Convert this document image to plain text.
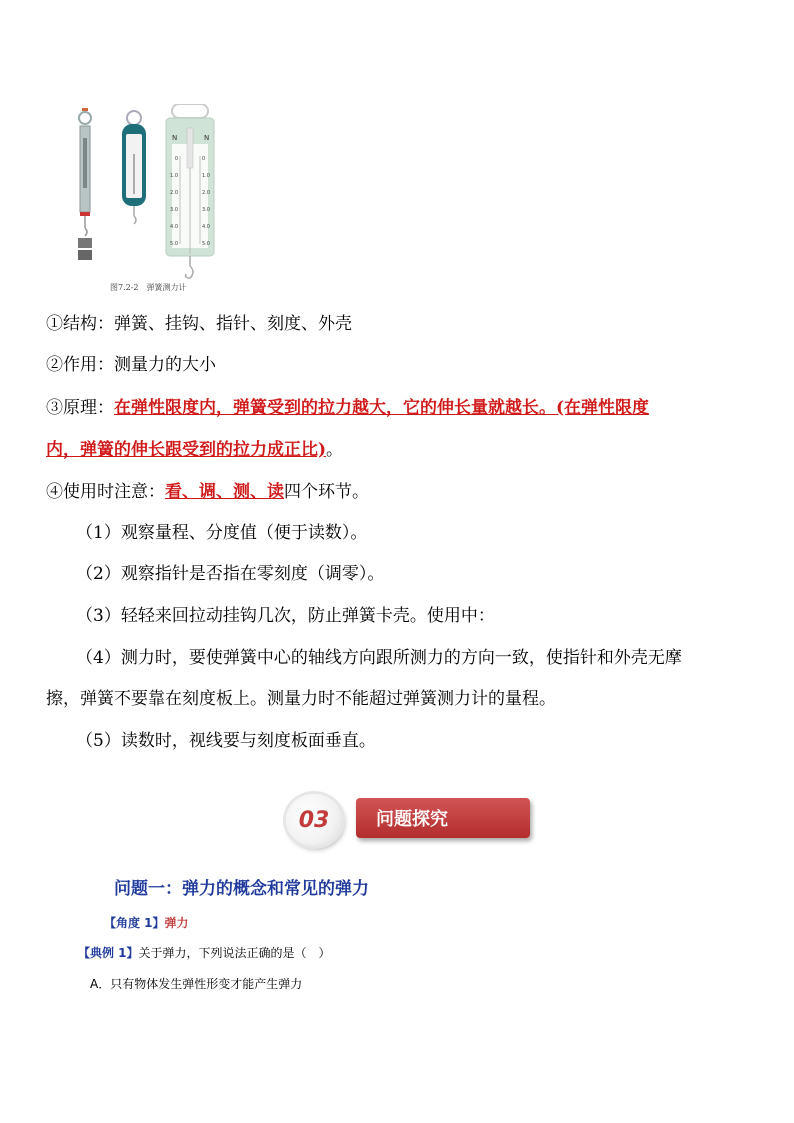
0
1.0
2.0
3.0
4.0
5.0
0
1.0
2.0
3.0
4.0
5.0
N	N
图7.2-2　弹簧测力计
①结构：弹簧、挂钩、指针、刻度、外壳
②作用：测量力的大小
③原理：在弹性限度内，弹簧受到的拉力越大，它的伸长量就越长。(在弹性限度
内，弹簧的伸长跟受到的拉力成正比)。
④使用时注意：看、调、测、读四个环节。
（1）观察量程、分度值（便于读数）。
（2）观察指针是否指在零刻度（调零）。
（3）轻轻来回拉动挂钩几次，防止弹簧卡壳。使用中：
（4）测力时，要使弹簧中心的轴线方向跟所测力的方向一致，使指针和外壳无摩
擦，弹簧不要靠在刻度板上。测量力时不能超过弹簧测力计的量程。
（5）读数时，视线要与刻度板面垂直。
问题探究
03
问题一：弹力的概念和常见的弹力
【角度 1】弹力
【典例 1】关于弹力，下列说法正确的是（　）
A．只有物体发生弹性形变才能产生弹力
